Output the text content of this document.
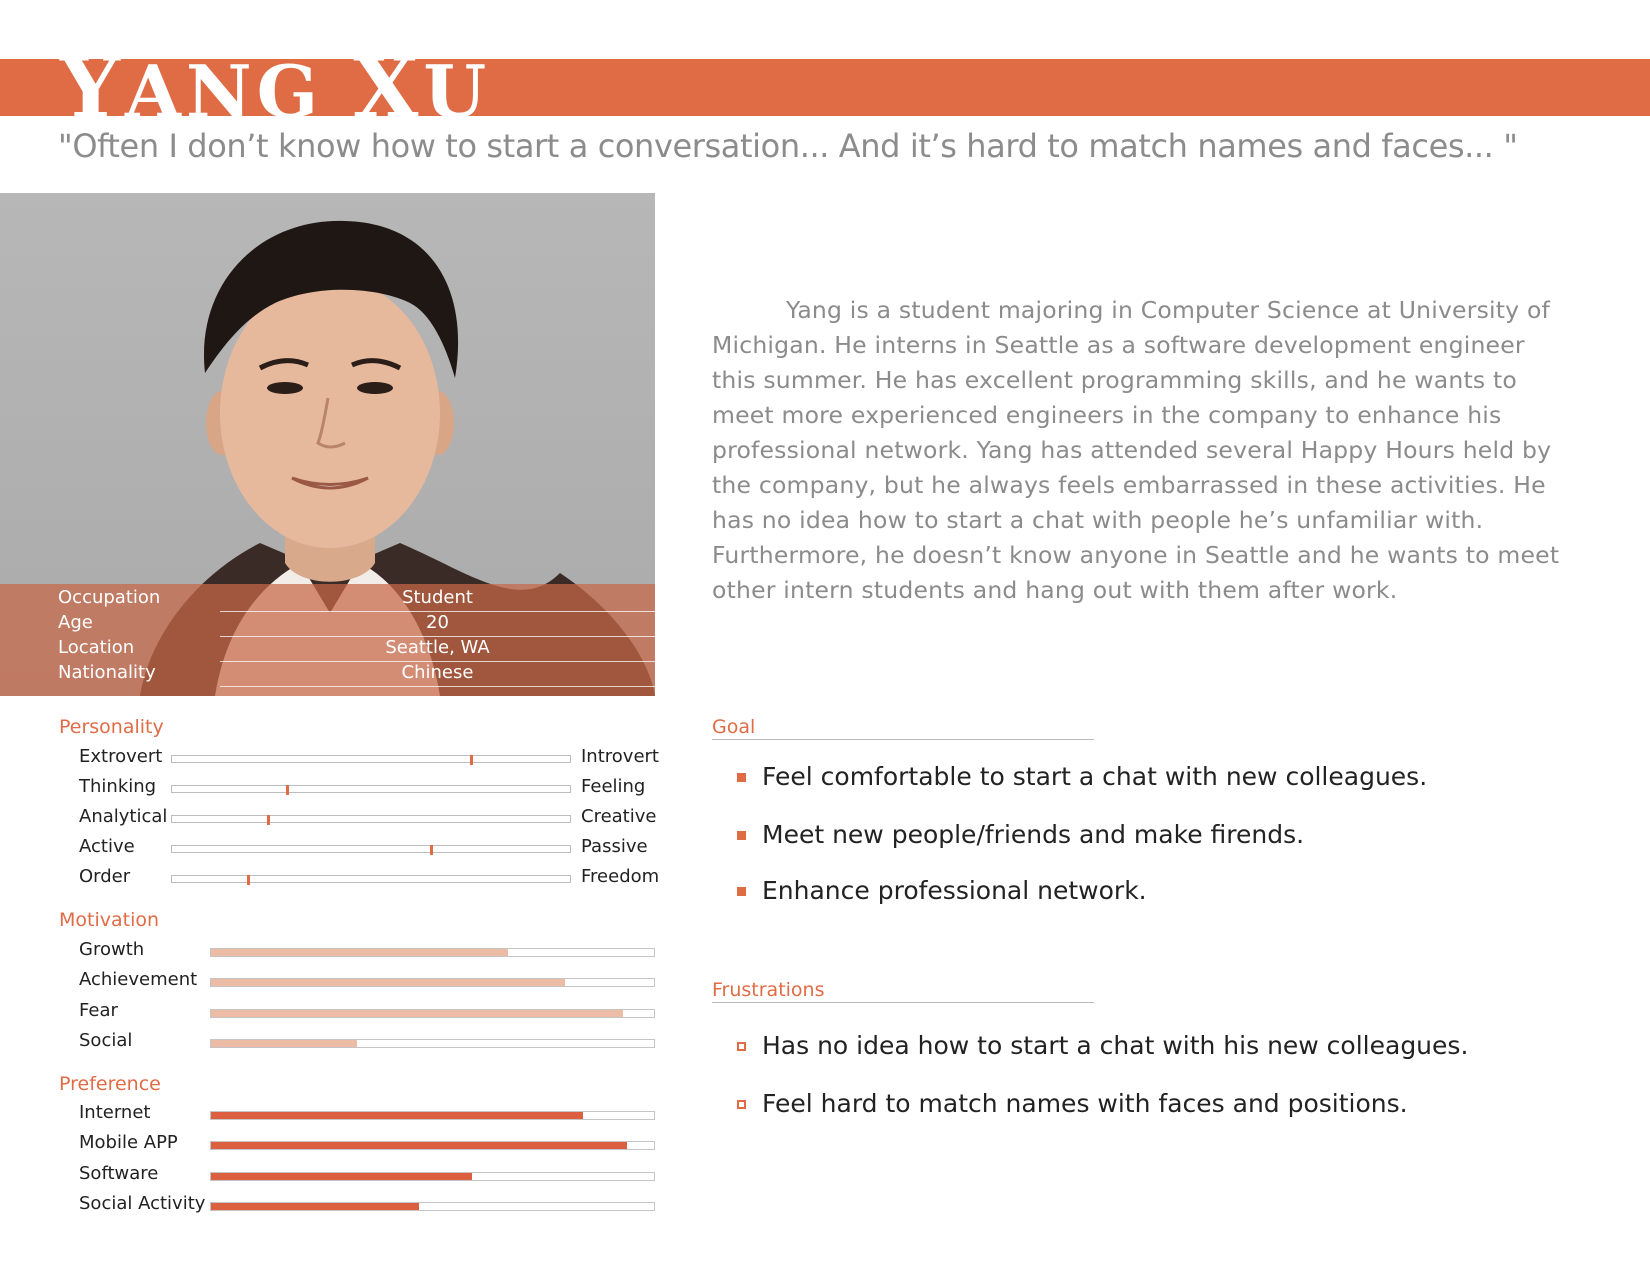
YANG XU
"Often I don’t know how to start a conversation... And it’s hard to match names and faces... "
Occupation	Student
Age	20
Location	Seattle, WA
Nationality	Chinese

Yang is a student majoring in Computer Science at University of Michigan. He interns in Seattle as a software development engineer this summer. He has excellent programming skills, and he wants to meet more experienced engineers in the company to enhance his professional network. Yang has attended several Happy Hours held by the company, but he always feels embarrassed in these activities. He has no idea how to start a chat with people he’s unfamiliar with. Furthermore, he doesn’t know anyone in Seattle and he wants to meet other intern students and hang out with them after work.

Personality
Extrovert	Introvert
Thinking	Feeling
Analytical	Creative
Active	Passive
Order	Freedom
Motivation
Growth
Achievement
Fear
Social
Preference
Internet
Mobile APP
Software
Social Activity
Goal
Feel comfortable to start a chat with new colleagues.
Meet new people/friends and make firends.
Enhance professional network.
Frustrations
Has no idea how to start a chat with his new colleagues.
Feel hard to match names with faces and positions.
